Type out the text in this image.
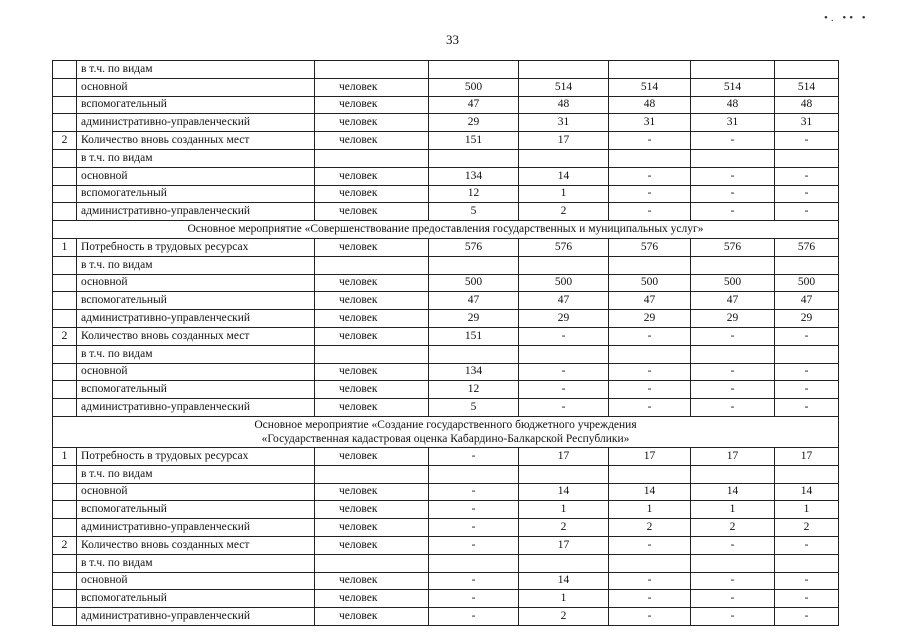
33
•. •• •
	в т.ч. по видам						
	основной	человек	500	514	514	514	514
	вспомогательный	человек	47	48	48	48	48
	административно-управленческий	человек	29	31	31	31	31
2	Количество вновь созданных мест	человек	151	17	-	-	-
	в т.ч. по видам						
	основной	человек	134	14	-	-	-
	вспомогательный	человек	12	1	-	-	-
	административно-управленческий	человек	5	2	-	-	-

Основное мероприятие «Совершенствование предоставления государственных и муниципальных услуг»							

1	Потребность в трудовых ресурсах	человек	576	576	576	576	576
	в т.ч. по видам						
	основной	человек	500	500	500	500	500
	вспомогательный	человек	47	47	47	47	47
	административно-управленческий	человек	29	29	29	29	29
2	Количество вновь созданных мест	человек	151	-	-	-	-
	в т.ч. по видам						
	основной	человек	134	-	-	-	-
	вспомогательный	человек	12	-	-	-	-
	административно-управленческий	человек	5	-	-	-	-

Основное мероприятие «Создание государственного бюджетного учреждения
«Государственная кадастровая оценка Кабардино-Балкарской Республики»							

1	Потребность в трудовых ресурсах	человек	-	17	17	17	17
	в т.ч. по видам						
	основной	человек	-	14	14	14	14
	вспомогательный	человек	-	1	1	1	1
	административно-управленческий	человек	-	2	2	2	2
2	Количество вновь созданных мест	человек	-	17	-	-	-
	в т.ч. по видам						
	основной	человек	-	14	-	-	-
	вспомогательный	человек	-	1	-	-	-
	административно-управленческий	человек	-	2	-	-	-
